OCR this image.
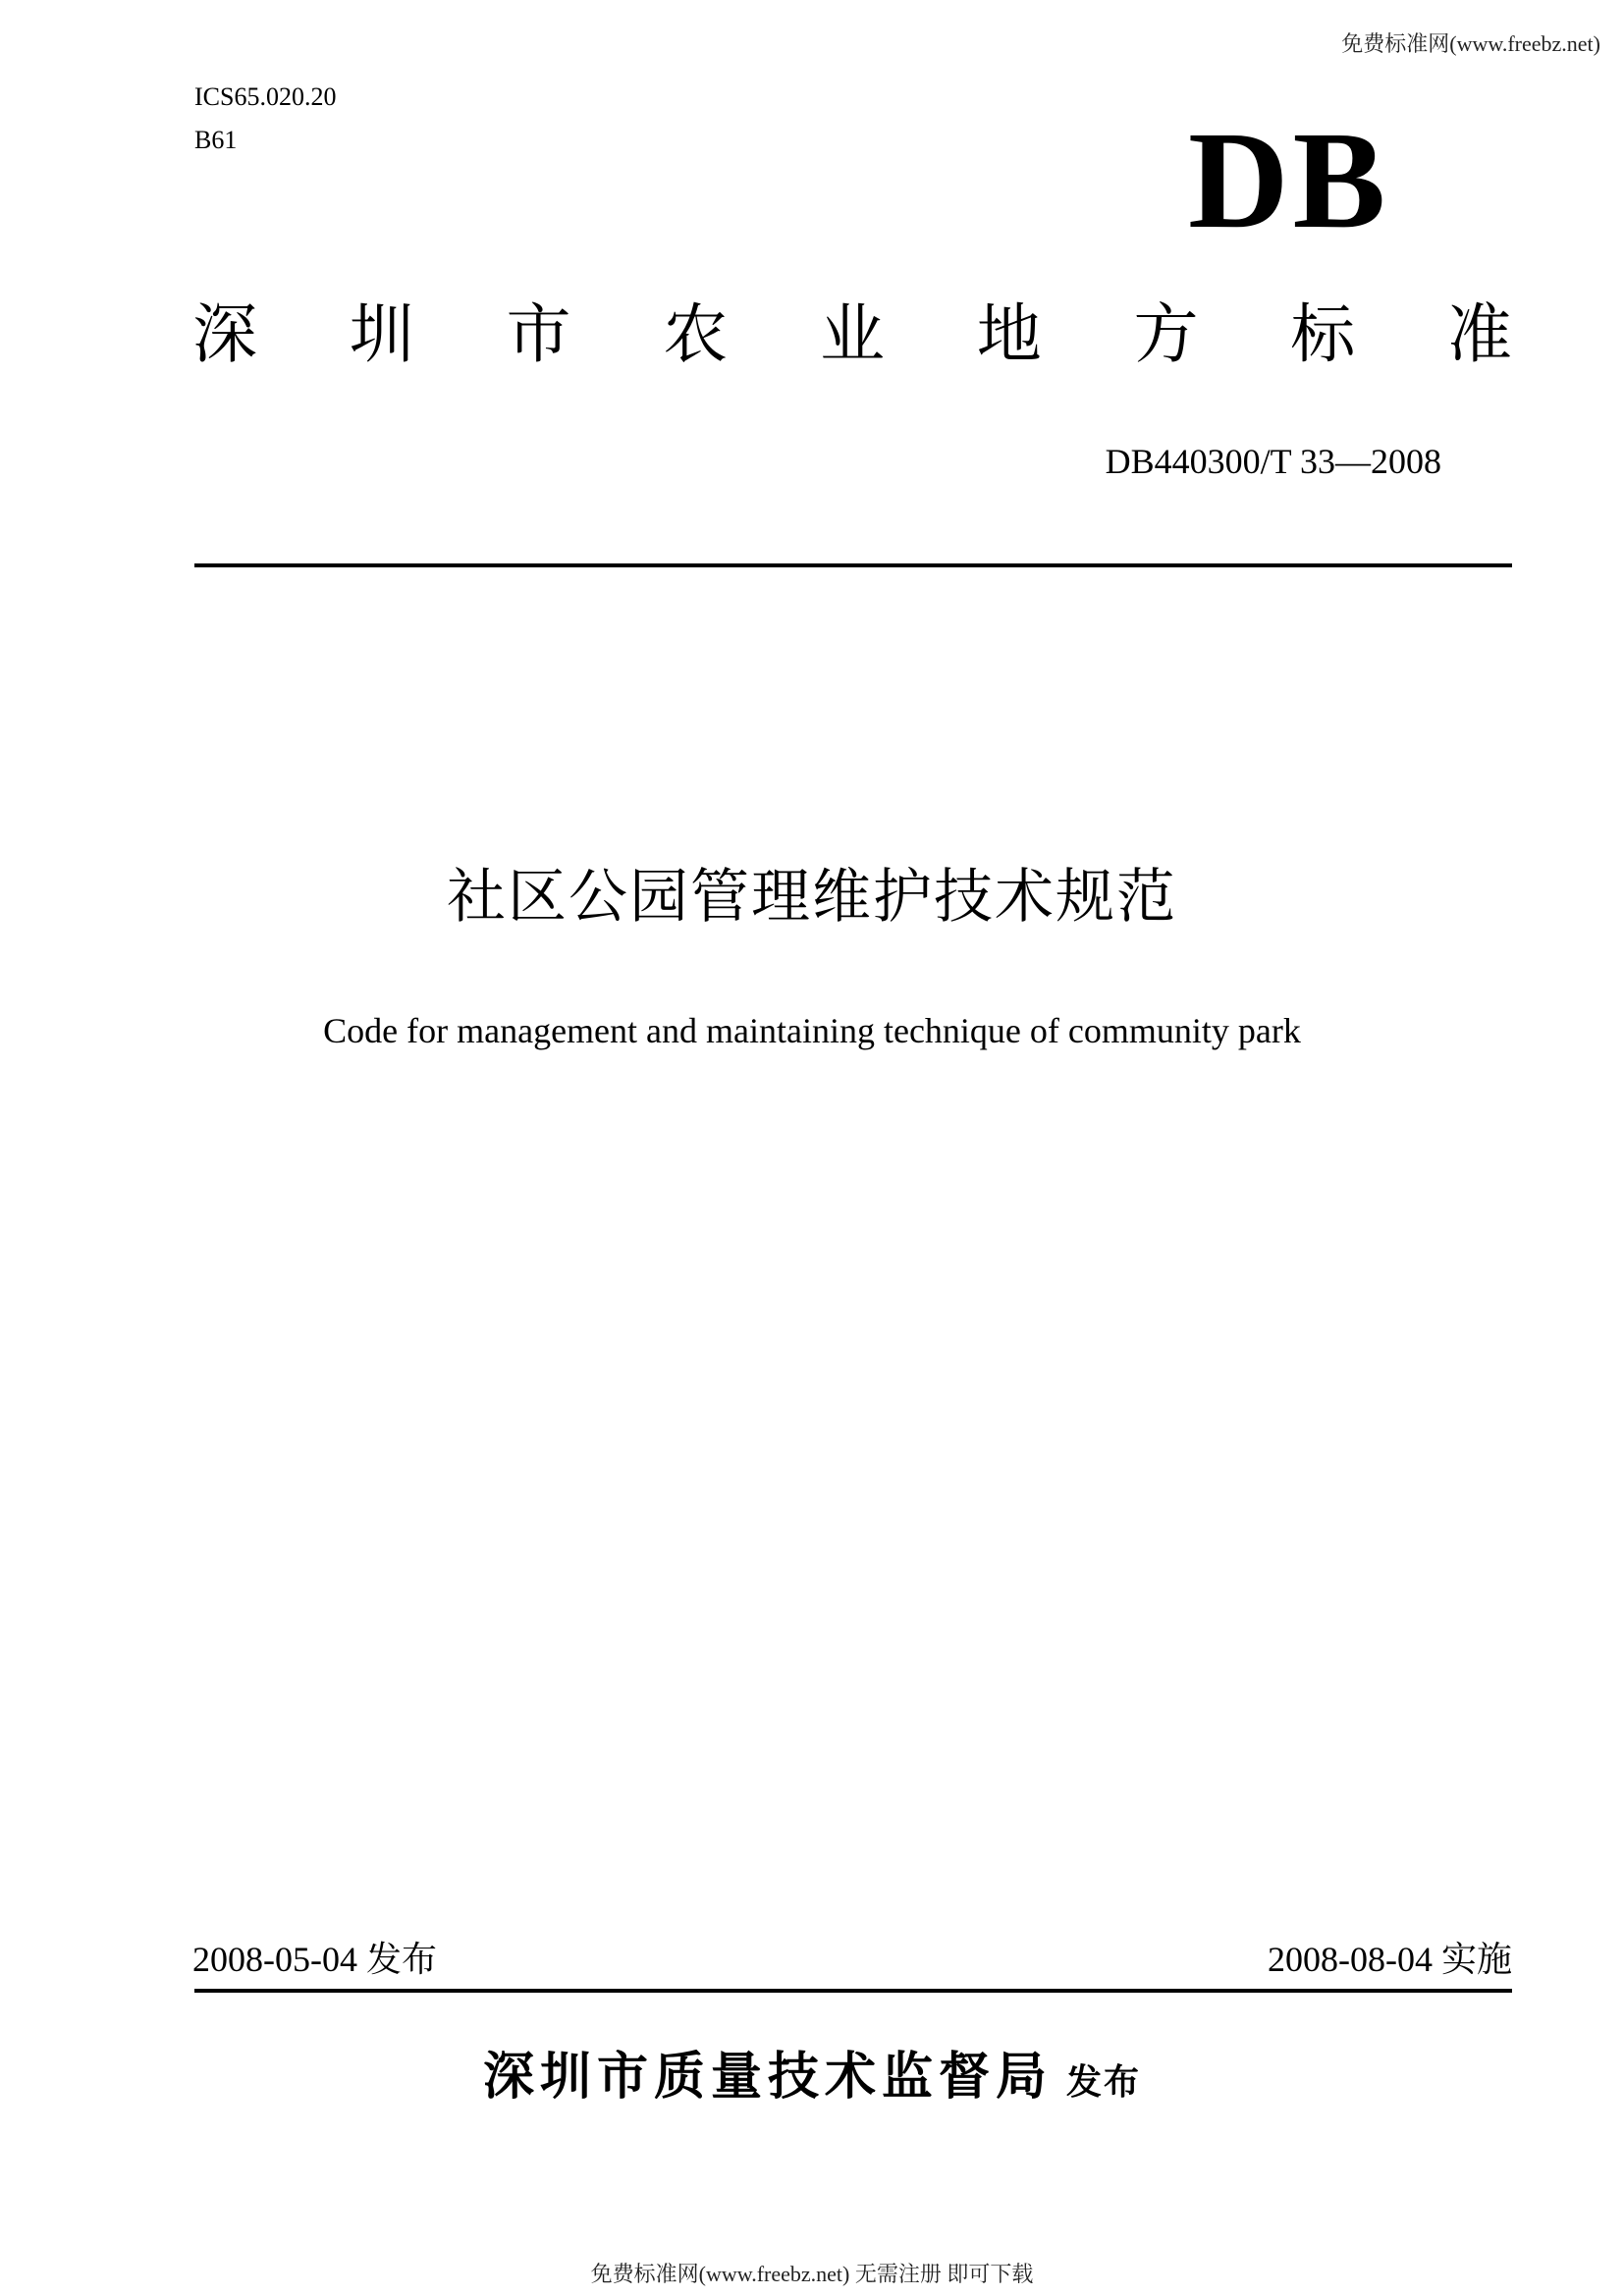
免费标准网(www.freebz.net)
ICS65.020.20
B61	DB
深 圳 市 农 业 地 方 标 准
DB440300/T 33—2008
社区公园管理维护技术规范
Code for management and maintaining technique of community park
2008-05-04 发布	2008-08-04 实施
深圳市质量技术监督局 发布
免费标准网(www.freebz.net) 无需注册 即可下载
